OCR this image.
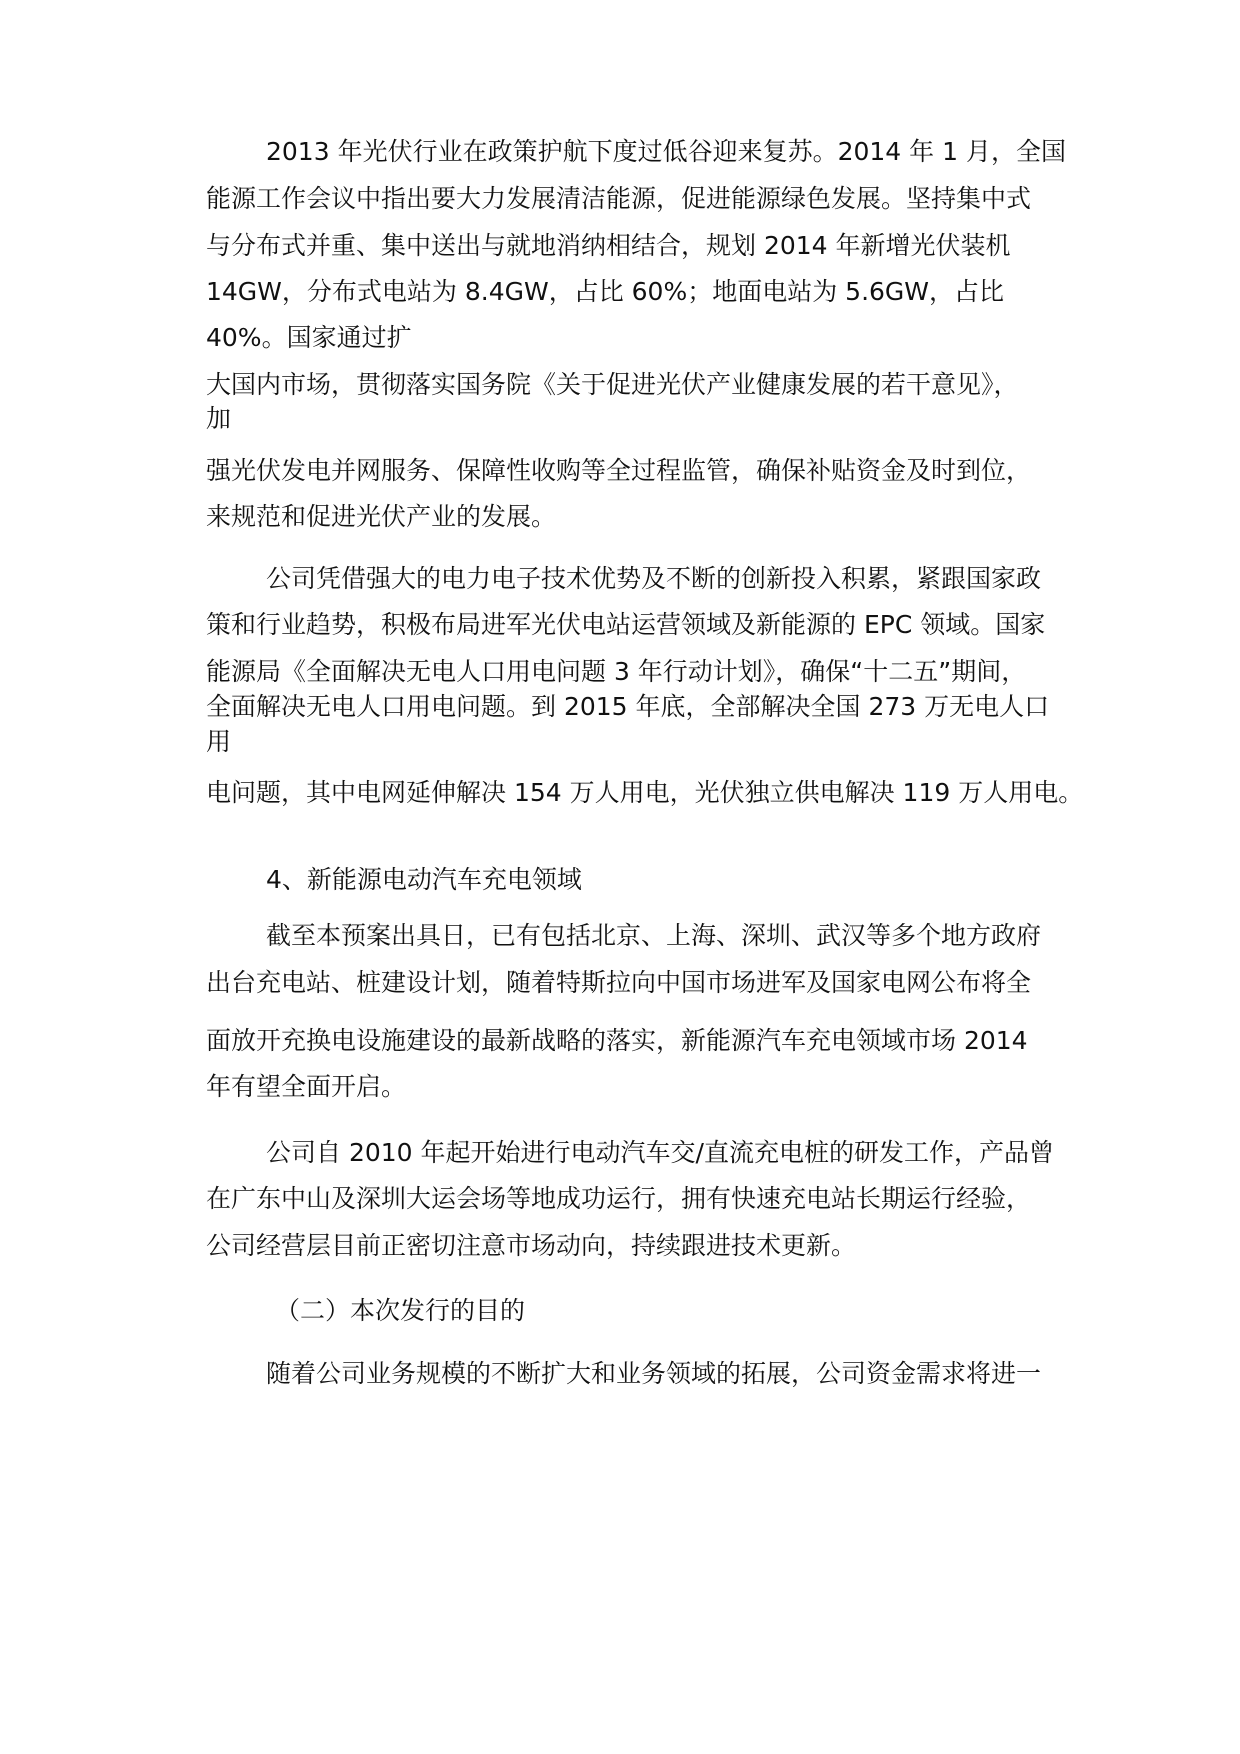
2013 年光伏行业在政策护航下度过低谷迎来复苏。2014 年 1 月，全国
能源工作会议中指出要大力发展清洁能源，促进能源绿色发展。坚持集中式
与分布式并重、集中送出与就地消纳相结合，规划 2014 年新增光伏装机
14GW，分布式电站为 8.4GW，占比 60%；地面电站为 5.6GW，占比
40%。国家通过扩
大国内市场，贯彻落实国务院《关于促进光伏产业健康发展的若干意见》，
加
强光伏发电并网服务、保障性收购等全过程监管，确保补贴资金及时到位，
来规范和促进光伏产业的发展。
公司凭借强大的电力电子技术优势及不断的创新投入积累，紧跟国家政
策和行业趋势，积极布局进军光伏电站运营领域及新能源的 EPC 领域。国家
能源局《全面解决无电人口用电问题 3 年行动计划》，确保“十二五”期间，
全面解决无电人口用电问题。到 2015 年底，全部解决全国 273 万无电人口
用
电问题，其中电网延伸解决 154 万人用电，光伏独立供电解决 119 万人用电。
4、新能源电动汽车充电领域
截至本预案出具日，已有包括北京、上海、深圳、武汉等多个地方政府
出台充电站、桩建设计划，随着特斯拉向中国市场进军及国家电网公布将全
面放开充换电设施建设的最新战略的落实，新能源汽车充电领域市场 2014
年有望全面开启。
公司自 2010 年起开始进行电动汽车交/直流充电桩的研发工作，产品曾
在广东中山及深圳大运会场等地成功运行，拥有快速充电站长期运行经验，
公司经营层目前正密切注意市场动向，持续跟进技术更新。
（二）本次发行的目的
随着公司业务规模的不断扩大和业务领域的拓展，公司资金需求将进一
